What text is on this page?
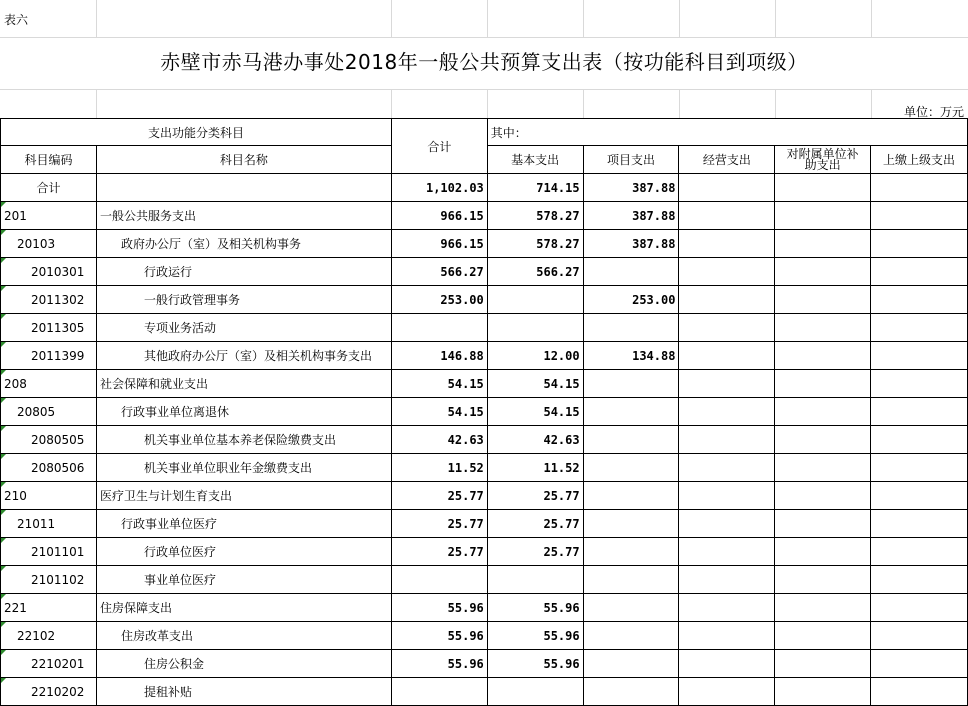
表六
赤壁市赤马港办事处2018年一般公共预算支出表（按功能科目到项级）
单位：万元
支出功能分类科目		合计	其中：				
科目编码	科目名称		基本支出	项目支出	经营支出	对附属单位补助支出	上缴上级支出
合计		1,102.03	714.15	387.88			
201	一般公共服务支出	966.15	578.27	387.88			
20103	政府办公厅（室）及相关机构事务	966.15	578.27	387.88			
2010301	行政运行	566.27	566.27				
2011302	一般行政管理事务	253.00		253.00			
2011305	专项业务活动						
2011399	其他政府办公厅（室）及相关机构事务支出	146.88	12.00	134.88			
208	社会保障和就业支出	54.15	54.15				
20805	行政事业单位离退休	54.15	54.15				
2080505	机关事业单位基本养老保险缴费支出	42.63	42.63				
2080506	机关事业单位职业年金缴费支出	11.52	11.52				
210	医疗卫生与计划生育支出	25.77	25.77				
21011	行政事业单位医疗	25.77	25.77				
2101101	行政单位医疗	25.77	25.77				
2101102	事业单位医疗						
221	住房保障支出	55.96	55.96				
22102	住房改革支出	55.96	55.96				
2210201	住房公积金	55.96	55.96				
2210202	提租补贴						
